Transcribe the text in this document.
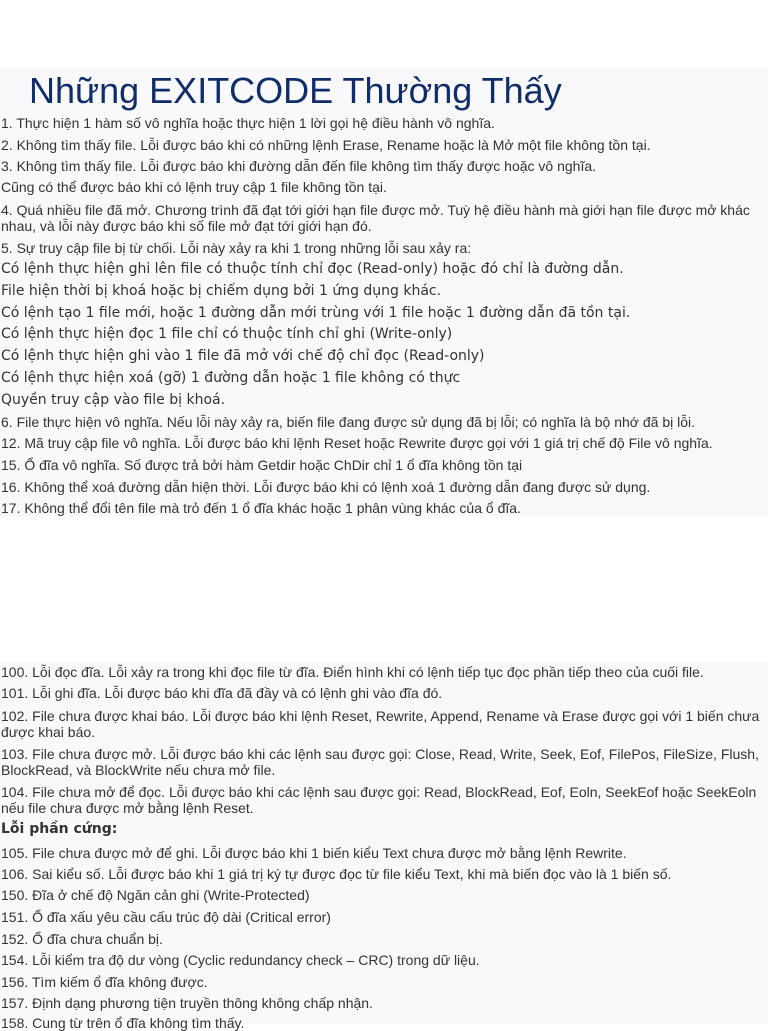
Những EXITCODE Thường Thấy

1. Thực hiện 1 hàm số vô nghĩa hoặc thực hiện 1 lời gọi hệ điều hành vô nghĩa.

2. Không tìm thấy file. Lỗi được báo khi có những lệnh Erase, Rename hoặc là Mở một file không tồn tại.

3. Không tìm thấy file. Lỗi được báo khi đường dẫn đến file không tìm thấy được hoặc vô nghĩa.

Cũng có thể được báo khi có lệnh truy cập 1 file không tồn tại.

4. Quá nhiều file đã mở. Chương trình đã đạt tới giới hạn file được mở. Tuỳ hệ điều hành mà giới hạn file được mở khác nhau, và lỗi này được báo khi số file mở đạt tới giới hạn đó.

5. Sự truy cập file bị từ chối. Lỗi này xảy ra khi 1 trong những lỗi sau xảy ra:

Có lệnh thực hiện ghi lên file có thuộc tính chỉ đọc (Read-only) hoặc đó chỉ là đường dẫn.

File hiện thời bị khoá hoặc bị chiếm dụng bởi 1 ứng dụng khác.

Có lệnh tạo 1 file mới, hoặc 1 đường dẫn mới trùng với 1 file hoặc 1 đường dẫn đã tồn tại.

Có lệnh thực hiện đọc 1 file chỉ có thuộc tính chỉ ghi (Write-only)

Có lệnh thực hiện ghi vào 1 file đã mở với chế độ chỉ đọc (Read-only)

Có lệnh thực hiện xoá (gỡ) 1 đường dẫn hoặc 1 file không có thực

Quyền truy cập vào file bị khoá.

6. File thực hiện vô nghĩa. Nếu lỗi này xảy ra, biến file đang được sử dụng đã bị lỗi; có nghĩa là bộ nhớ đã bị lỗi.

12. Mã truy cập file vô nghĩa. Lỗi được báo khi lệnh Reset hoặc Rewrite được gọi với 1 giá trị chế độ File vô nghĩa.

15. Ổ đĩa vô nghĩa. Số được trả bởi hàm Getdir hoặc ChDir chỉ 1 ổ đĩa không tồn tại

16. Không thể xoá đường dẫn hiện thời. Lỗi được báo khi có lệnh xoá 1 đường dẫn đang được sử dụng.

17. Không thể đổi tên file mà trỏ đến 1 ổ đĩa khác hoặc 1 phân vùng khác của ổ đĩa.

100. Lỗi đọc đĩa. Lỗi xảy ra trong khi đọc file từ đĩa. Điển hình khi có lệnh tiếp tục đọc phần tiếp theo của cuối file.

101. Lỗi ghi đĩa. Lỗi được báo khi đĩa đã đầy và có lệnh ghi vào đĩa đó.

102. File chưa được khai báo. Lỗi được báo khi lệnh Reset, Rewrite, Append, Rename và Erase được gọi với 1 biến chưa được khai báo.

103. File chưa được mở. Lỗi được báo khi các lệnh sau được gọi: Close, Read, Write, Seek, Eof, FilePos, FileSize, Flush, BlockRead, và BlockWrite nếu chưa mở file.

104. File chưa mở để đọc. Lỗi được báo khi các lệnh sau được gọi: Read, BlockRead, Eof, Eoln, SeekEof hoặc SeekEoln nếu file chưa được mở bằng lệnh Reset.

Lỗi phần cứng:

105. File chưa được mở để ghi. Lỗi được báo khi 1 biến kiểu Text chưa được mở bằng lệnh Rewrite.

106. Sai kiểu số. Lỗi được báo khi 1 giá trị ký tự được đọc từ file kiểu Text, khi mà biến đọc vào là 1 biến số.

150. Đĩa ở chế độ Ngăn cản ghi (Write-Protected)

151. Ổ đĩa xấu yêu cầu cấu trúc độ dài (Critical error)

152. Ổ đĩa chưa chuẩn bị.

154. Lỗi kiểm tra độ dư vòng (Cyclic redundancy check – CRC) trong dữ liệu.

156. Tìm kiếm ổ đĩa không được.

157. Định dạng phương tiện truyền thông không chấp nhận.

158. Cung từ trên ổ đĩa không tìm thấy.
